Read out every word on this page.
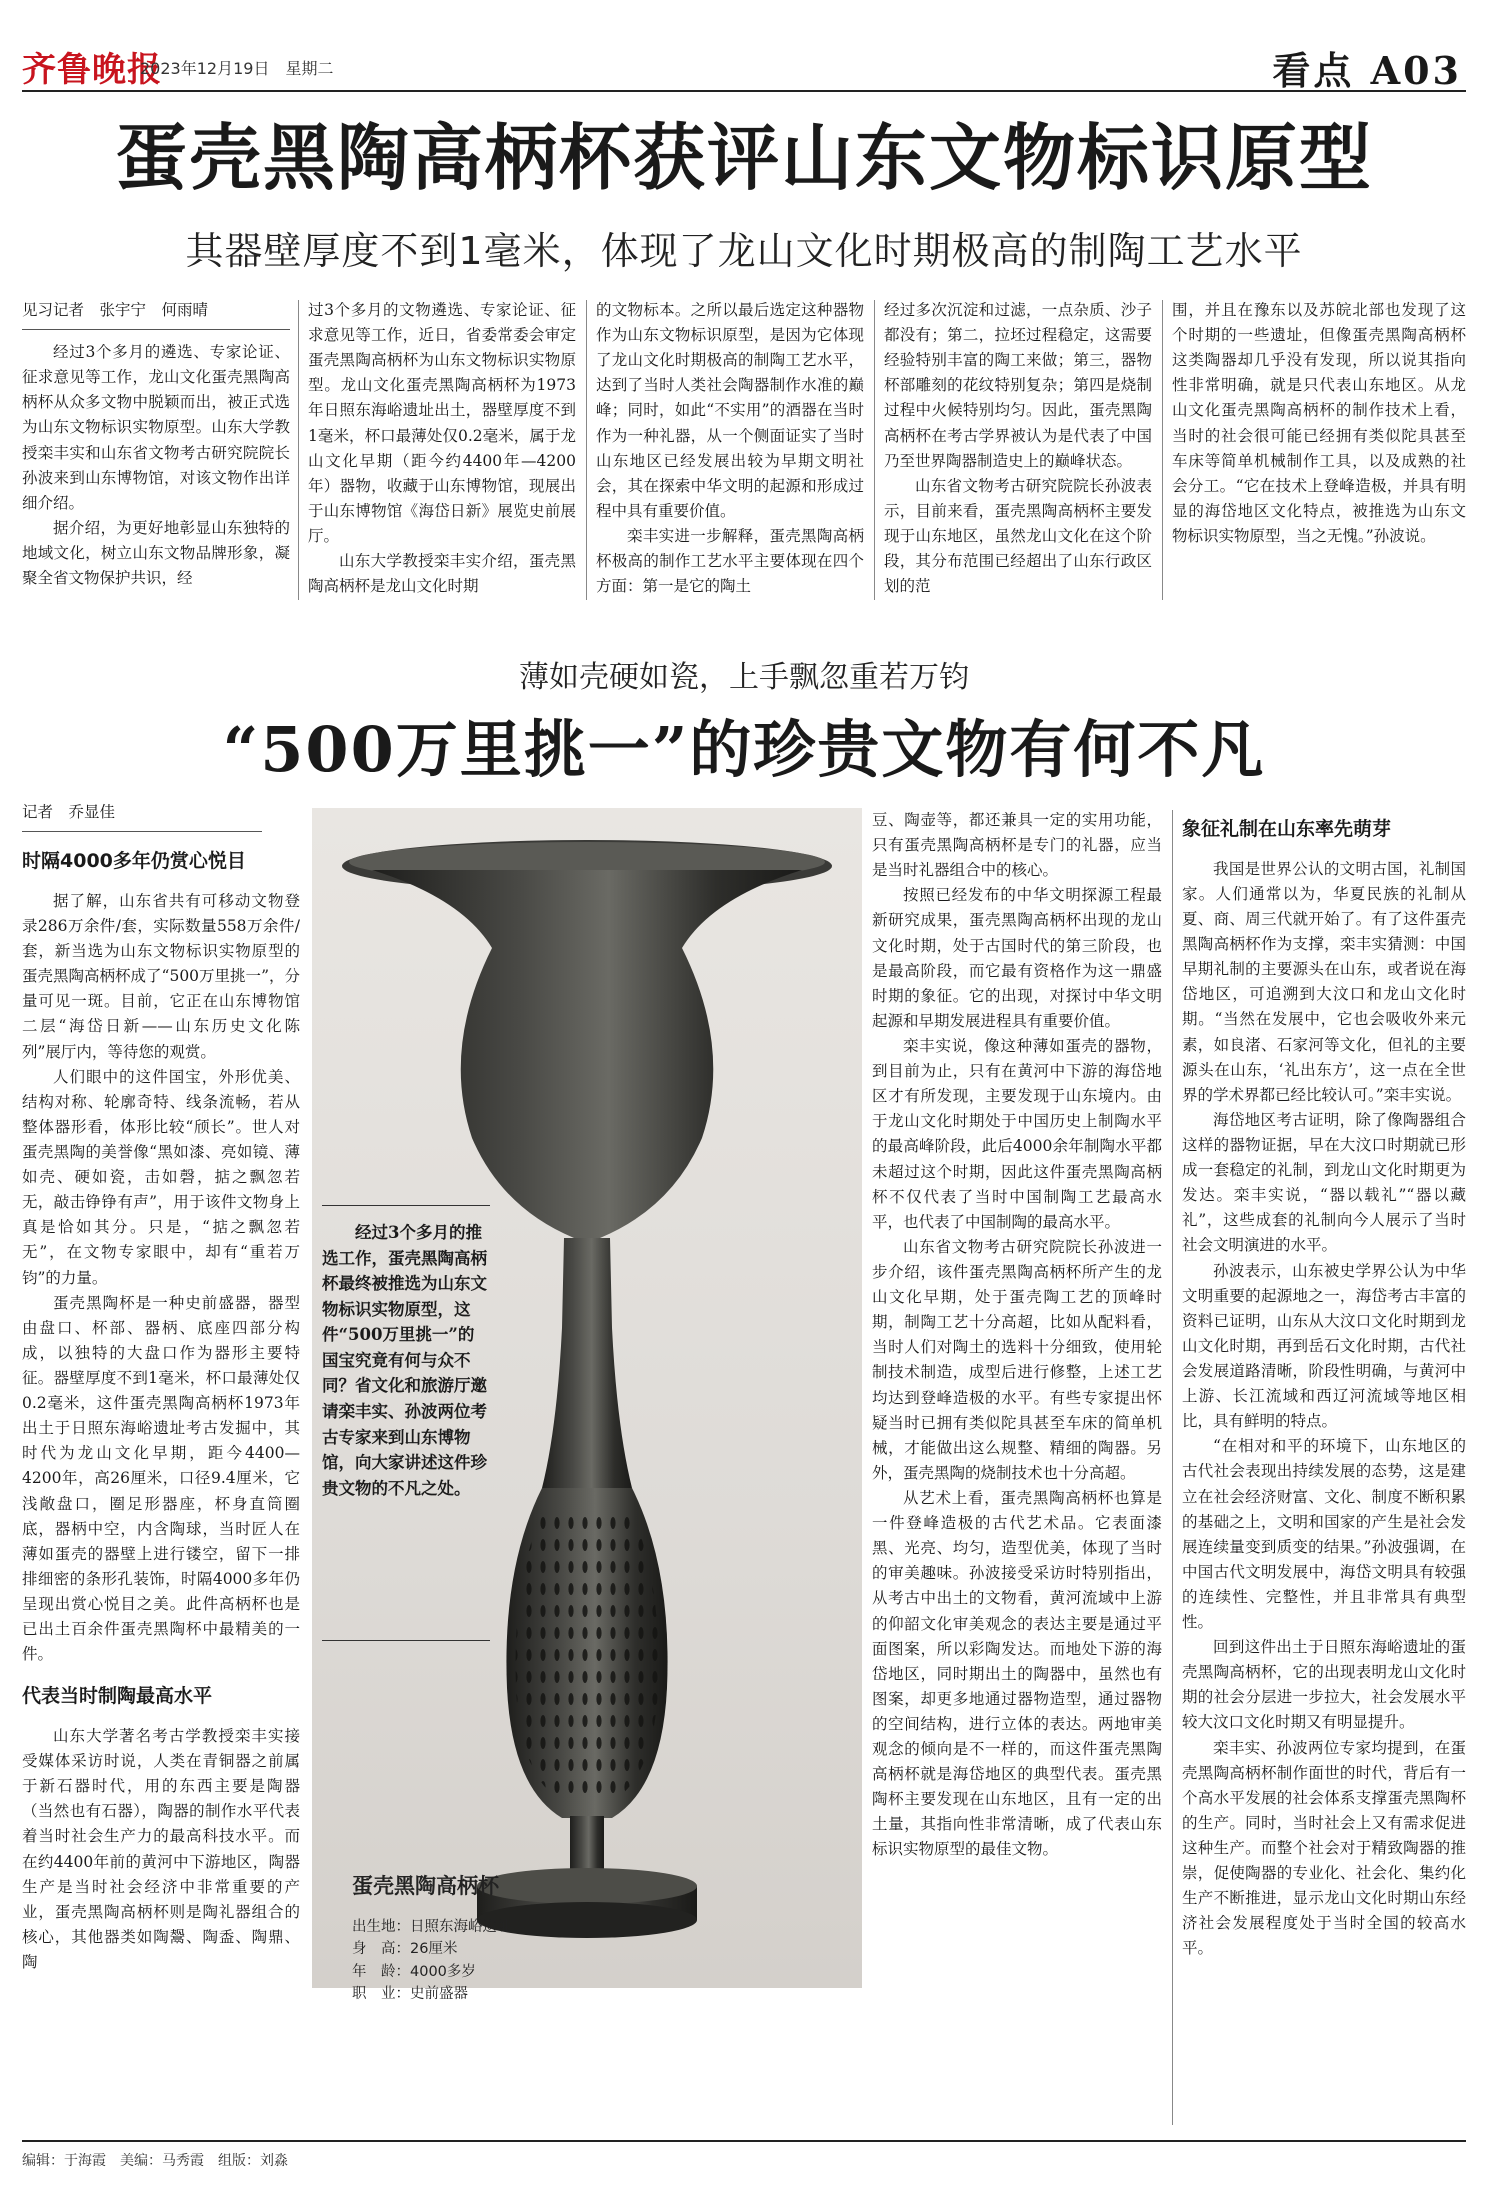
齐鲁晚报
2023年12月19日　星期二	看点 A03
蛋壳黑陶高柄杯获评山东文物标识原型
其器壁厚度不到1毫米，体现了龙山文化时期极高的制陶工艺水平
见习记者　张宇宁　何雨晴

经过3个多月的遴选、专家论证、征求意见等工作，龙山文化蛋壳黑陶高柄杯从众多文物中脱颖而出，被正式选为山东文物标识实物原型。山东大学教授栾丰实和山东省文物考古研究院院长孙波来到山东博物馆，对该文物作出详细介绍。

据介绍，为更好地彰显山东独特的地域文化，树立山东文物品牌形象，凝聚全省文物保护共识，经

过3个多月的文物遴选、专家论证、征求意见等工作，近日，省委常委会审定蛋壳黑陶高柄杯为山东文物标识实物原型。龙山文化蛋壳黑陶高柄杯为1973年日照东海峪遗址出土，器壁厚度不到1毫米，杯口最薄处仅0.2毫米，属于龙山文化早期（距今约4400年—4200年）器物，收藏于山东博物馆，现展出于山东博物馆《海岱日新》展览史前展厅。

山东大学教授栾丰实介绍，蛋壳黑陶高柄杯是龙山文化时期

的文物标本。之所以最后选定这种器物作为山东文物标识原型，是因为它体现了龙山文化时期极高的制陶工艺水平，达到了当时人类社会陶器制作水准的巅峰；同时，如此“不实用”的酒器在当时作为一种礼器，从一个侧面证实了当时山东地区已经发展出较为早期文明社会，其在探索中华文明的起源和形成过程中具有重要价值。

栾丰实进一步解释，蛋壳黑陶高柄杯极高的制作工艺水平主要体现在四个方面：第一是它的陶土

经过多次沉淀和过滤，一点杂质、沙子都没有；第二，拉坯过程稳定，这需要经验特别丰富的陶工来做；第三，器物杯部雕刻的花纹特别复杂；第四是烧制过程中火候特别均匀。因此，蛋壳黑陶高柄杯在考古学界被认为是代表了中国乃至世界陶器制造史上的巅峰状态。

山东省文物考古研究院院长孙波表示，目前来看，蛋壳黑陶高柄杯主要发现于山东地区，虽然龙山文化在这个阶段，其分布范围已经超出了山东行政区划的范

围，并且在豫东以及苏皖北部也发现了这个时期的一些遗址，但像蛋壳黑陶高柄杯这类陶器却几乎没有发现，所以说其指向性非常明确，就是只代表山东地区。从龙山文化蛋壳黑陶高柄杯的制作技术上看，当时的社会很可能已经拥有类似陀具甚至车床等简单机械制作工具，以及成熟的社会分工。“它在技术上登峰造极，并具有明显的海岱地区文化特点，被推选为山东文物标识实物原型，当之无愧。”孙波说。

薄如壳硬如瓷，上手飘忽重若万钧
“500万里挑一”的珍贵文物有何不凡
记者　乔显佳
时隔4000多年仍赏心悦目

据了解，山东省共有可移动文物登录286万余件/套，实际数量558万余件/套，新当选为山东文物标识实物原型的蛋壳黑陶高柄杯成了“500万里挑一”，分量可见一斑。目前，它正在山东博物馆二层“海岱日新——山东历史文化陈列”展厅内，等待您的观赏。

人们眼中的这件国宝，外形优美、结构对称、轮廓奇特、线条流畅，若从整体器形看，体形比较“颀长”。世人对蛋壳黑陶的美誉像“黑如漆、亮如镜、薄如壳、硬如瓷，击如磬，掂之飘忽若无，敲击铮铮有声”，用于该件文物身上真是恰如其分。只是，“掂之飘忽若无”，在文物专家眼中，却有“重若万钧”的力量。

蛋壳黑陶杯是一种史前盛器，器型由盘口、杯部、器柄、底座四部分构成，以独特的大盘口作为器形主要特征。器壁厚度不到1毫米，杯口最薄处仅0.2毫米，这件蛋壳黑陶高柄杯1973年出土于日照东海峪遗址考古发掘中，其时代为龙山文化早期，距今4400—4200年，高26厘米，口径9.4厘米，它浅敞盘口，圈足形器座，杯身直筒圈底，器柄中空，内含陶球，当时匠人在薄如蛋壳的器壁上进行镂空，留下一排排细密的条形孔装饰，时隔4000多年仍呈现出赏心悦目之美。此件高柄杯也是已出土百余件蛋壳黑陶杯中最精美的一件。

代表当时制陶最高水平

山东大学著名考古学教授栾丰实接受媒体采访时说，人类在青铜器之前属于新石器时代，用的东西主要是陶器（当然也有石器），陶器的制作水平代表着当时社会生产力的最高科技水平。而在约4400年前的黄河中下游地区，陶器生产是当时社会经济中非常重要的产业，蛋壳黑陶高柄杯则是陶礼器组合的核心，其他器类如陶鬶、陶盉、陶鼎、陶

经过3个多月的推选工作，蛋壳黑陶高柄杯最终被推选为山东文物标识实物原型，这件“500万里挑一”的国宝究竟有何与众不同？省文化和旅游厅邀请栾丰实、孙波两位考古专家来到山东博物馆，向大家讲述这件珍贵文物的不凡之处。

蛋壳黑陶高柄杯
出生地：日照东海峪遗址
身　高：26厘米
年　龄：4000多岁
职　业：史前盛器

豆、陶壶等，都还兼具一定的实用功能，只有蛋壳黑陶高柄杯是专门的礼器，应当是当时礼器组合中的核心。

按照已经发布的中华文明探源工程最新研究成果，蛋壳黑陶高柄杯出现的龙山文化时期，处于古国时代的第三阶段，也是最高阶段，而它最有资格作为这一鼎盛时期的象征。它的出现，对探讨中华文明起源和早期发展进程具有重要价值。

栾丰实说，像这种薄如蛋壳的器物，到目前为止，只有在黄河中下游的海岱地区才有所发现，主要发现于山东境内。由于龙山文化时期处于中国历史上制陶水平的最高峰阶段，此后4000余年制陶水平都未超过这个时期，因此这件蛋壳黑陶高柄杯不仅代表了当时中国制陶工艺最高水平，也代表了中国制陶的最高水平。

山东省文物考古研究院院长孙波进一步介绍，该件蛋壳黑陶高柄杯所产生的龙山文化早期，处于蛋壳陶工艺的顶峰时期，制陶工艺十分高超，比如从配料看，当时人们对陶土的选料十分细致，使用轮制技术制造，成型后进行修整，上述工艺均达到登峰造极的水平。有些专家提出怀疑当时已拥有类似陀具甚至车床的简单机械，才能做出这么规整、精细的陶器。另外，蛋壳黑陶的烧制技术也十分高超。

从艺术上看，蛋壳黑陶高柄杯也算是一件登峰造极的古代艺术品。它表面漆黑、光亮、均匀，造型优美，体现了当时的审美趣味。孙波接受采访时特别指出，从考古中出土的文物看，黄河流域中上游的仰韶文化审美观念的表达主要是通过平面图案，所以彩陶发达。而地处下游的海岱地区，同时期出土的陶器中，虽然也有图案，却更多地通过器物造型，通过器物的空间结构，进行立体的表达。两地审美观念的倾向是不一样的，而这件蛋壳黑陶高柄杯就是海岱地区的典型代表。蛋壳黑陶杯主要发现在山东地区，且有一定的出土量，其指向性非常清晰，成了代表山东标识实物原型的最佳文物。

象征礼制在山东率先萌芽

我国是世界公认的文明古国，礼制国家。人们通常以为，华夏民族的礼制从夏、商、周三代就开始了。有了这件蛋壳黑陶高柄杯作为支撑，栾丰实猜测：中国早期礼制的主要源头在山东，或者说在海岱地区，可追溯到大汶口和龙山文化时期。“当然在发展中，它也会吸收外来元素，如良渚、石家河等文化，但礼的主要源头在山东，‘礼出东方’，这一点在全世界的学术界都已经比较认可。”栾丰实说。

海岱地区考古证明，除了像陶器组合这样的器物证据，早在大汶口时期就已形成一套稳定的礼制，到龙山文化时期更为发达。栾丰实说，“器以载礼”“器以藏礼”，这些成套的礼制向今人展示了当时社会文明演进的水平。

孙波表示，山东被史学界公认为中华文明重要的起源地之一，海岱考古丰富的资料已证明，山东从大汶口文化时期到龙山文化时期，再到岳石文化时期，古代社会发展道路清晰，阶段性明确，与黄河中上游、长江流域和西辽河流域等地区相比，具有鲜明的特点。

“在相对和平的环境下，山东地区的古代社会表现出持续发展的态势，这是建立在社会经济财富、文化、制度不断积累的基础之上，文明和国家的产生是社会发展连续量变到质变的结果。”孙波强调，在中国古代文明发展中，海岱文明具有较强的连续性、完整性，并且非常具有典型性。

回到这件出土于日照东海峪遗址的蛋壳黑陶高柄杯，它的出现表明龙山文化时期的社会分层进一步拉大，社会发展水平较大汶口文化时期又有明显提升。

栾丰实、孙波两位专家均提到，在蛋壳黑陶高柄杯制作面世的时代，背后有一个高水平发展的社会体系支撑蛋壳黑陶杯的生产。同时，当时社会上又有需求促进这种生产。而整个社会对于精致陶器的推崇，促使陶器的专业化、社会化、集约化生产不断推进，显示龙山文化时期山东经济社会发展程度处于当时全国的较高水平。

编辑：于海霞　美编：马秀霞　组版：刘淼
